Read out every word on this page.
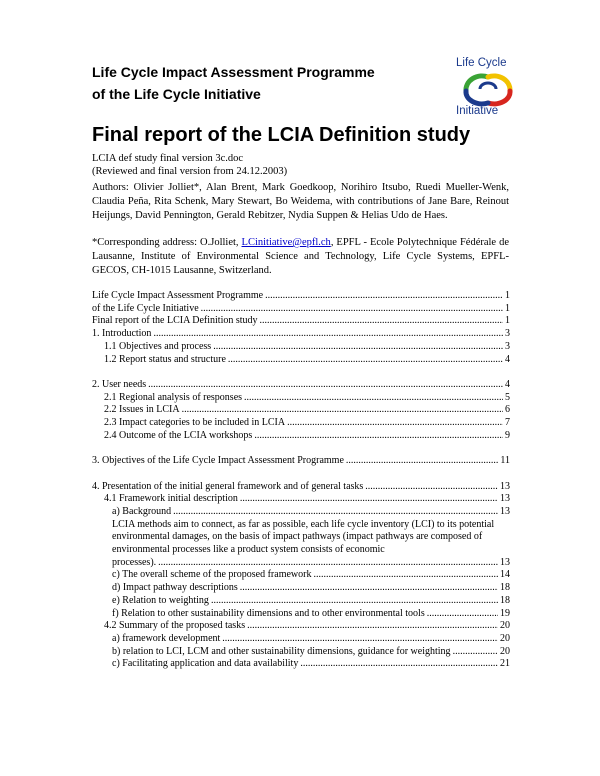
Life Cycle Impact Assessment Programme
of the Life Cycle Initiative
Life Cycle
Initiative
Final report of the LCIA Definition study
LCIA def study final version 3c.doc
(Reviewed and final version from 24.12.2003)
Authors: Olivier Jolliet*, Alan Brent, Mark Goedkoop, Norihiro Itsubo, Ruedi Mueller-Wenk, Claudia Peña, Rita Schenk, Mary Stewart, Bo Weidema, with contributions of Jane Bare, Reinout Heijungs, David Pennington, Gerald Rebitzer, Nydia Suppen & Helias Udo de Haes.
*Corresponding address: O.Jolliet, LCinitiative@epfl.ch, EPFL - Ecole Polytechnique Fédérale de Lausanne, Institute of Environmental Science and Technology, Life Cycle Systems, EPFL-GECOS, CH-1015 Lausanne, Switzerland.
Life Cycle Impact Assessment Programme .....	1
of the Life Cycle Initiative .....	1
Final report of the LCIA Definition study .....	1
1. Introduction .....	3
1.1 Objectives and process .....	3
1.2 Report status and structure .....	4
2. User needs .....	4
2.1 Regional analysis of responses .....	5
2.2 Issues in LCIA .....	6
2.3 Impact categories to be included in LCIA .....	7
2.4 Outcome of the LCIA workshops .....	9
3. Objectives of the Life Cycle Impact Assessment Programme .....	11
4. Presentation of the initial general framework and of general tasks .....	13
4.1 Framework initial description .....	13
a) Background .....	13
LCIA methods aim to connect, as far as possible, each life cycle inventory (LCI) to its potential environmental damages, on the basis of impact pathways (impact pathways are composed of environmental processes like a product system consists of economic
processes). .....	13
c) The overall scheme of the proposed framework .....	14
d) Impact pathway descriptions .....	18
e) Relation to weighting .....	18
f) Relation to other sustainability dimensions and to other environmental tools .....	19
4.2 Summary of the proposed tasks .....	20
a) framework development .....	20
b) relation to LCI, LCM and other sustainability dimensions, guidance for weighting .....	20
c) Facilitating application and data availability .....	21
